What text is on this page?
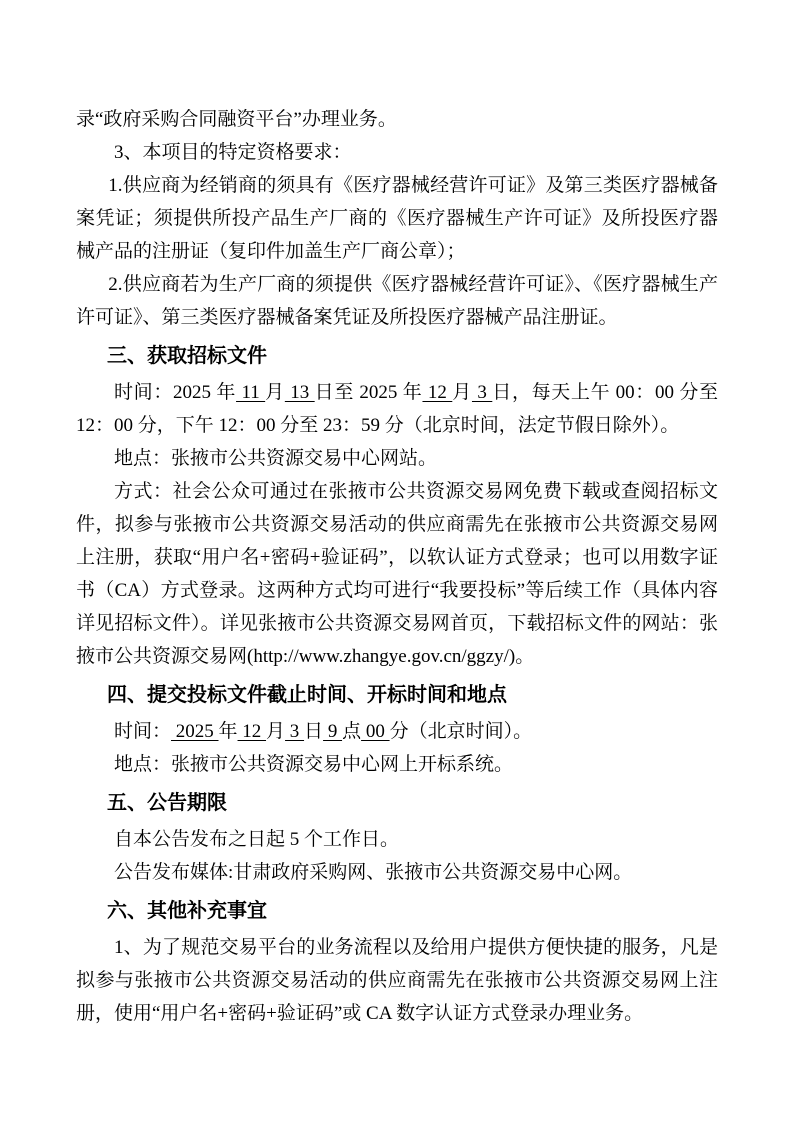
录“政府采购合同融资平台”办理业务。

3、本项目的特定资格要求：

1.供应商为经销商的须具有《医疗器械经营许可证》及第三类医疗器械备案凭证；须提供所投产品生产厂商的《医疗器械生产许可证》及所投医疗器械产品的注册证（复印件加盖生产厂商公章）；

2.供应商若为生产厂商的须提供《医疗器械经营许可证》、《医疗器械生产许可证》、第三类医疗器械备案凭证及所投医疗器械产品注册证。

三、获取招标文件

时间：2025 年 11 月 13 日至 2025 年 12 月 3 日，每天上午 00：00 分至 12：00 分，下午 12：00 分至 23：59 分（北京时间，法定节假日除外）。

地点：张掖市公共资源交易中心网站。

方式：社会公众可通过在张掖市公共资源交易网免费下载或查阅招标文件，拟参与张掖市公共资源交易活动的供应商需先在张掖市公共资源交易网上注册，获取“用户名+密码+验证码”，以软认证方式登录；也可以用数字证书（CA）方式登录。这两种方式均可进行“我要投标”等后续工作（具体内容详见招标文件）。详见张掖市公共资源交易网首页，下载招标文件的网站：张掖市公共资源交易网(http://www.zhangye.gov.cn/ggzy/)。

四、提交投标文件截止时间、开标时间和地点

时间： 2025 年 12 月 3 日 9 点 00 分（北京时间）。

地点：张掖市公共资源交易中心网上开标系统。

五、公告期限

自本公告发布之日起 5 个工作日。

公告发布媒体:甘肃政府采购网、张掖市公共资源交易中心网。

六、其他补充事宜

1、为了规范交易平台的业务流程以及给用户提供方便快捷的服务，凡是拟参与张掖市公共资源交易活动的供应商需先在张掖市公共资源交易网上注册，使用“用户名+密码+验证码”或 CA 数字认证方式登录办理业务。
